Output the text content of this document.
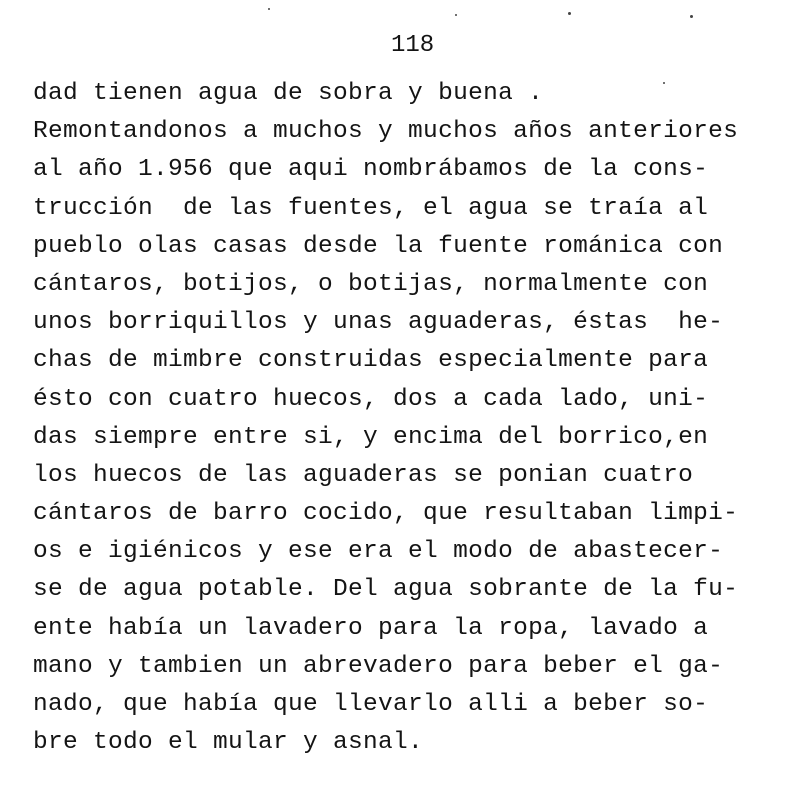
118
dad tienen agua de sobra y buena .
Remontandonos a muchos y muchos años anteriores
al año 1.956 que aqui nombrábamos de la cons-
trucción  de las fuentes, el agua se traía al
pueblo olas casas desde la fuente románica con
cántaros, botijos, o botijas, normalmente con
unos borriquillos y unas aguaderas, éstas  he-
chas de mimbre construidas especialmente para
ésto con cuatro huecos, dos a cada lado, uni-
das siempre entre si, y encima del borrico,en
los huecos de las aguaderas se ponian cuatro
cántaros de barro cocido, que resultaban limpi-
os e igiénicos y ese era el modo de abastecer-
se de agua potable. Del agua sobrante de la fu-
ente había un lavadero para la ropa, lavado a
mano y tambien un abrevadero para beber el ga-
nado, que había que llevarlo alli a beber so-
bre todo el mular y asnal.
